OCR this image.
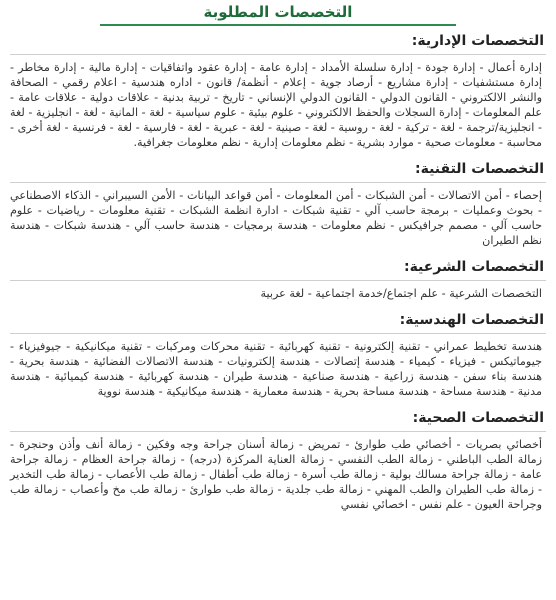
التخصصات المطلوبة
التخصصات الإدارية:

إدارة أعمال - إدارة جودة - إدارة سلسلة الأمداد - إدارة عامة - إدارة عقود واتفاقيات - إدارة مالية - إدارة مخاطر - إدارة مستشفيات - إدارة مشاريع - أرصاد جوية - إعلام - أنظمة/ قانون - اداره هندسية - اعلام رقمي - الصحافة والنشر الالكتروني - القانون الدولي - القانون الدولي الإنساني - تاريخ - تربية بدنية - علاقات دولية - علاقات عامة - علم المعلومات - إدارة السجلات والحفظ الالكتروني - علوم بيئية - علوم سياسية - لغة - المانية - لغة - انجليزية - لغة - انجليزية/ترجمة - لغة - تركية - لغة - روسية - لغة - صينية - لغة - عبرية - لغة - فارسية - لغة - فرنسية - لغة أخرى - محاسبة - معلومات صحية - موارد بشرية - نظم معلومات إدارية - نظم معلومات جغرافية.

التخصصات التقنية:

إحصاء - أمن الاتصالات - أمن الشبكات - أمن المعلومات - أمن قواعد البيانات - الأمن السيبراني - الذكاء الاصطناعي - بحوث وعمليات - برمجة حاسب آلي - تقنية شبكات - ادارة انظمة الشبكات - تقنية معلومات - رياضيات - علوم حاسب آلي - مصمم جرافيكس - نظم معلومات - هندسة برمجيات - هندسة حاسب آلي - هندسة شبكات - هندسة نظم الطيران

التخصصات الشرعية:

التخصصات الشرعية - علم اجتماع/خدمة اجتماعية - لغة عربية

التخصصات الهندسية:

هندسة تخطيط عمراني - تقنية إلكترونية - تقنية كهربائية - تقنية محركات ومركبات - تقنية ميكانيكية - جيوفيزياء - جيوماتيكس - فيزياء - كيمياء - هندسة إتصالات - هندسة إلكترونيات - هندسة الاتصالات الفضائية - هندسة بحرية - هندسة بناء سفن - هندسة زراعية - هندسة صناعية - هندسة طيران - هندسة كهربائية - هندسة كيميائية - هندسة مدنية - هندسة مساحة - هندسة مساحة بحرية - هندسة معمارية - هندسة ميكانيكية - هندسة نووية

التخصصات الصحية:

أخصائي بصريات - أخصائي طب طوارئ - تمريض - زمالة أسنان جراحة وجه وفكين - زمالة أنف وأذن وحنجرة - زمالة الطب الباطني - زمالة الطب النفسي - زمالة العناية المركزة (درجه) - زمالة جراحة العظام - زمالة جراحة عامة - زمالة جراحة مسالك بولية - زمالة طب أسرة - زمالة طب أطفال - زمالة طب الأعصاب - زمالة طب التخدير - زمالة طب الطيران والطب المهني - زمالة طب جلدية - زمالة طب طوارئ - زمالة طب مخ وأعصاب - زمالة طب وجراحة العيون - علم نفس - اخصائي نفسي
